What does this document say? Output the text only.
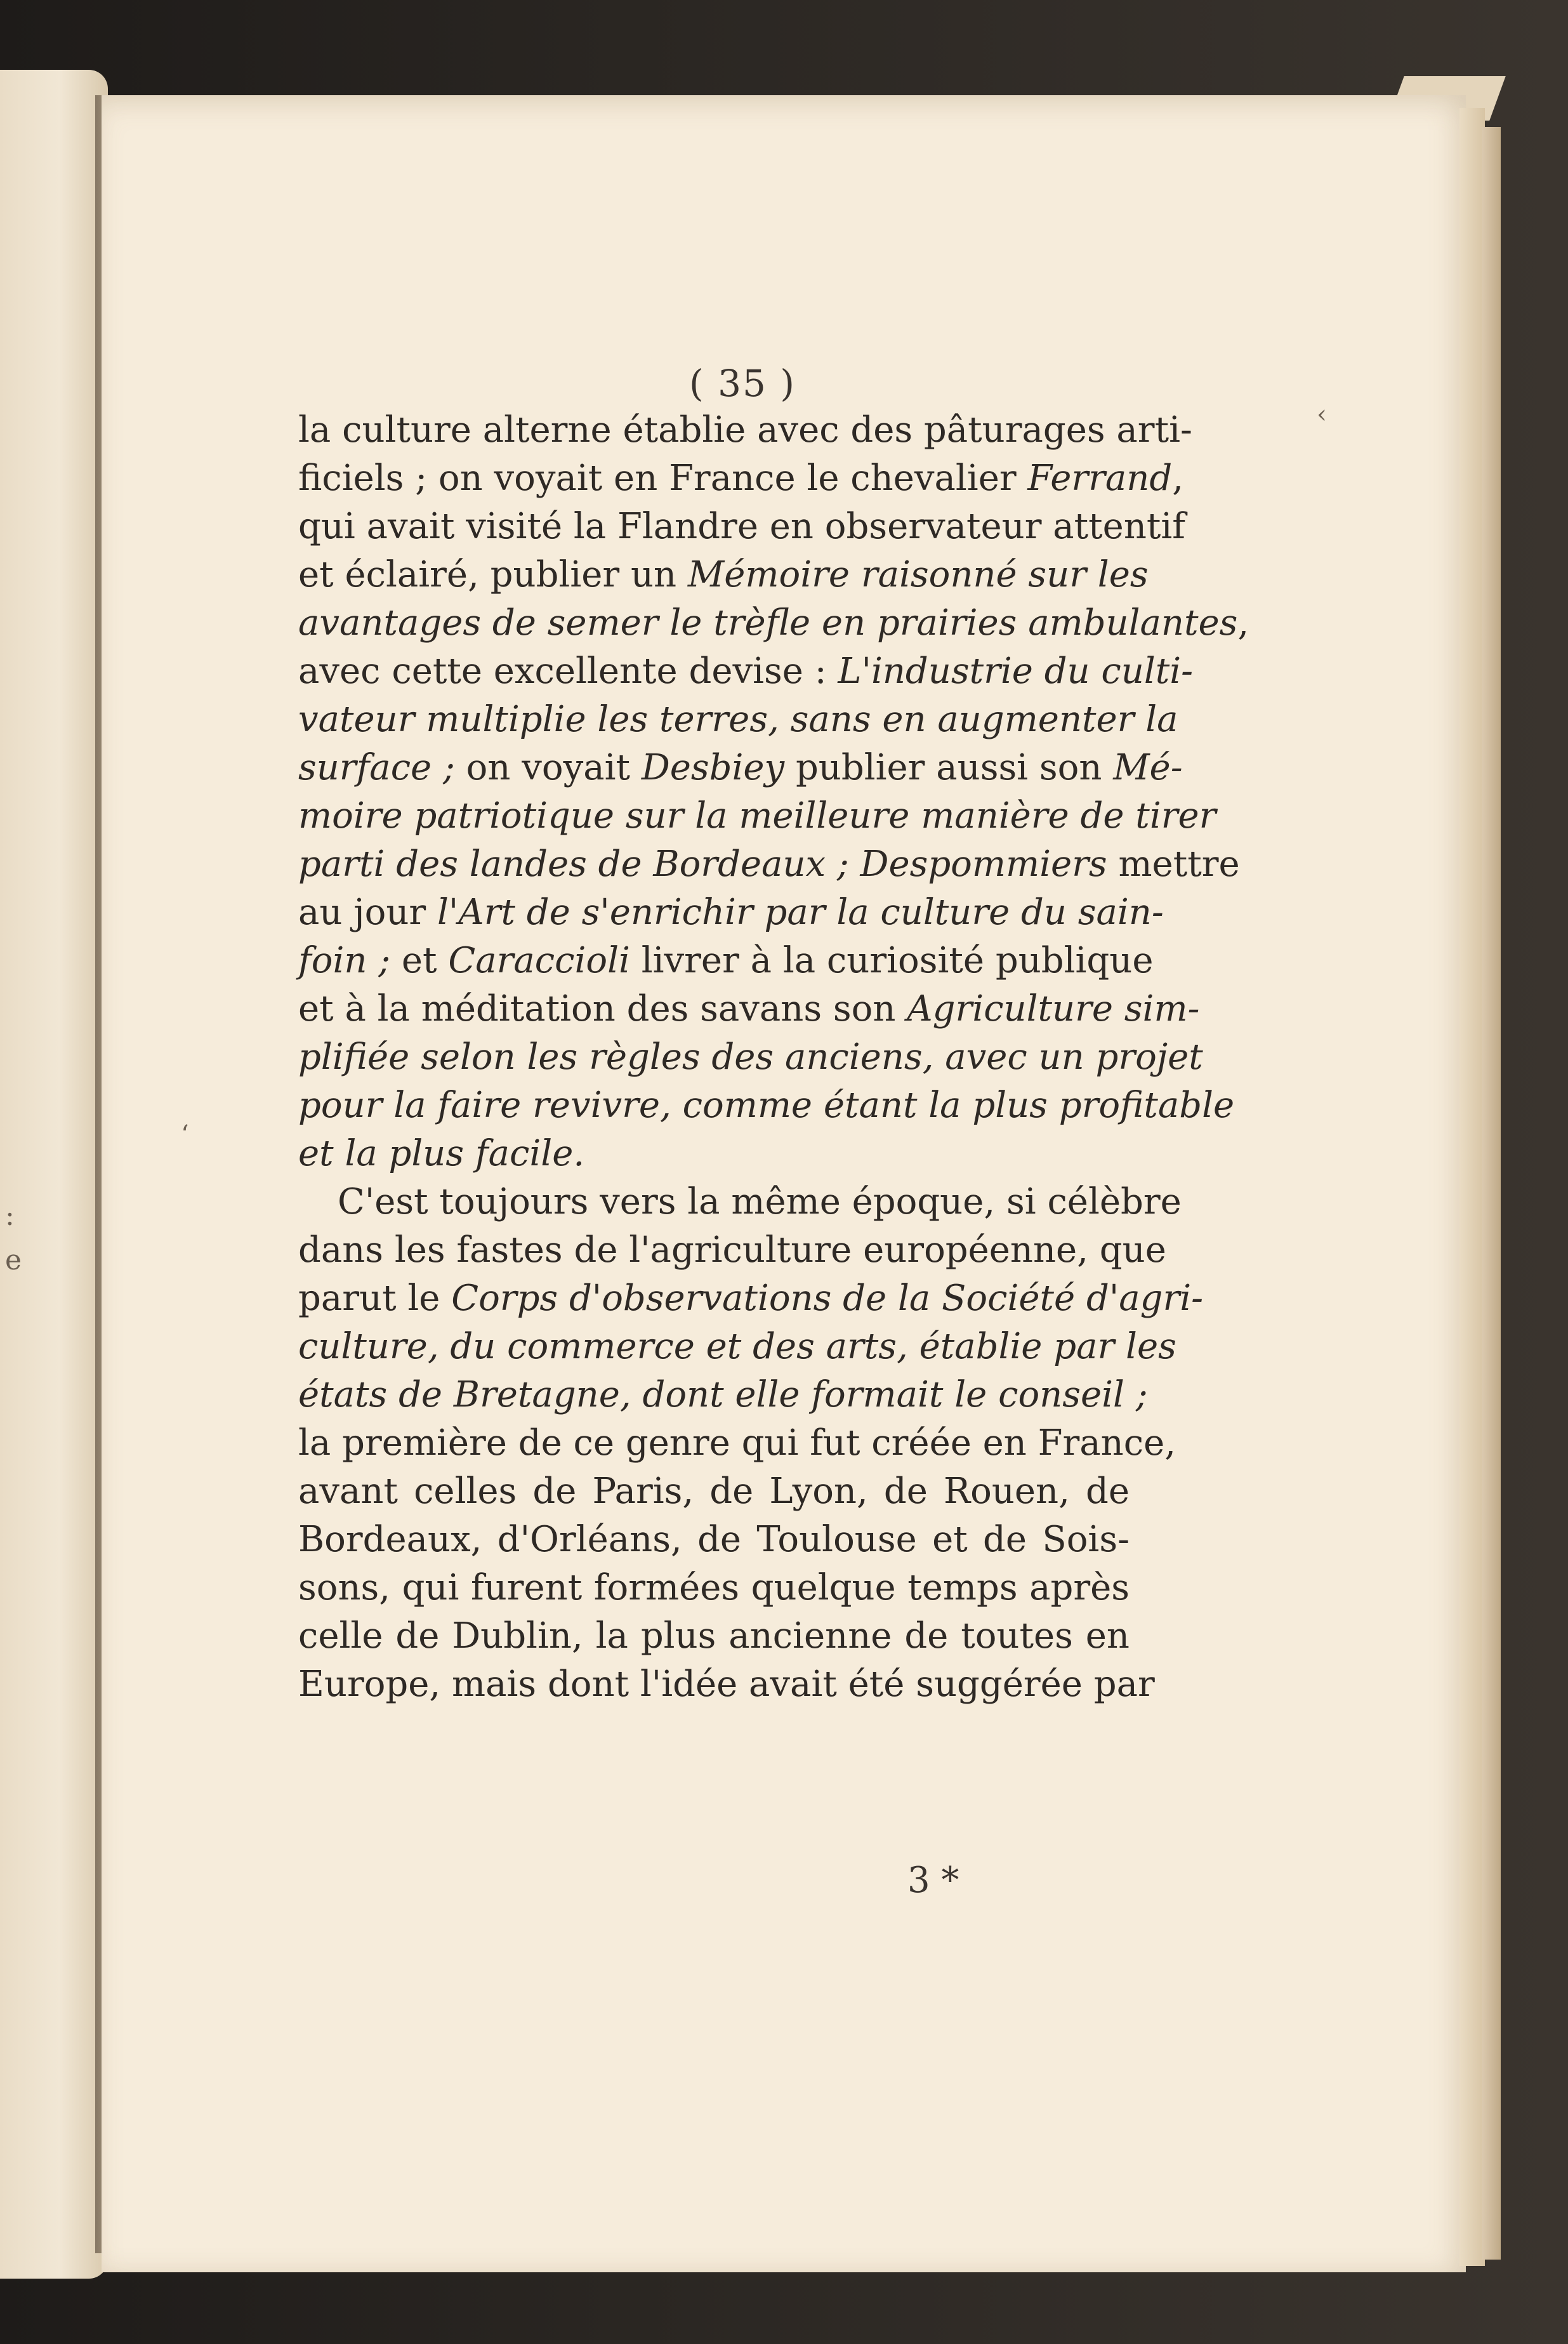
:
e
( 35 )
la culture alterne établie avec des pâturages arti-
ficiels ; on voyait en France le chevalier Ferrand,
qui avait visité la Flandre en observateur attentif
et éclairé, publier un Mémoire raisonné sur les
avantages de semer le trèfle en prairies ambulantes,
avec cette excellente devise : L'industrie du culti-
vateur multiplie les terres, sans en augmenter la
surface ; on voyait Desbiey publier aussi son Mé-
moire patriotique sur la meilleure manière de tirer
parti des landes de Bordeaux ; Despommiers mettre
au jour l'Art de s'enrichir par la culture du sain-
foin ; et Caraccioli livrer à la curiosité publique
et à la méditation des savans son Agriculture sim-
plifiée selon les règles des anciens, avec un projet
pour la faire revivre, comme étant la plus profitable
et la plus facile.
C'est toujours vers la même époque, si célèbre
dans les fastes de l'agriculture européenne, que
parut le Corps d'observations de la Société d'agri-
culture, du commerce et des arts, établie par les
états de Bretagne, dont elle formait le conseil ;
la première de ce genre qui fut créée en France,
avant celles de Paris, de Lyon, de Rouen, de
Bordeaux, d'Orléans, de Toulouse et de Sois-
sons, qui furent formées quelque temps après
celle de Dublin, la plus ancienne de toutes en
Europe, mais dont l'idée avait été suggérée par
3 *
‹
‘
